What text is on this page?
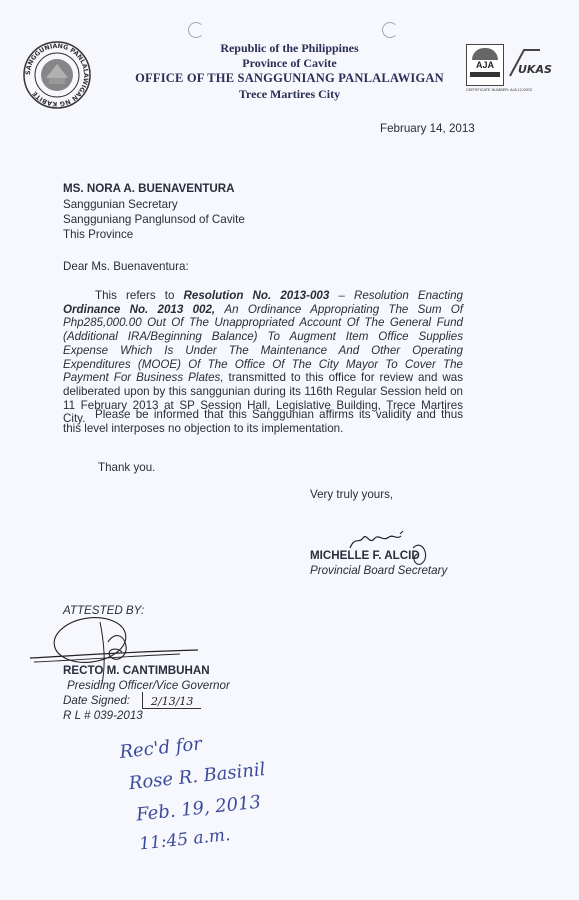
SANGGUNIANG PANLALAWIGAN NG KABITE
Republic of the Philippines
Province of Cavite
OFFICE OF THE SANGGUNIANG PANLALAWIGAN
Trece Martires City
AJA	UKAS
CERTIFICATE NUMBER: AJA 12-0003
February 14, 2013
MS. NORA A. BUENAVENTURA
Sanggunian Secretary
Sangguniang Panglunsod of Cavite
This Province
Dear Ms. Buenaventura:
This refers to Resolution No. 2013-003 – Resolution Enacting Ordinance No. 2013 002, An Ordinance Appropriating The Sum Of Php285,000.00 Out Of The Unappropriated Account Of The General Fund (Additional IRA/Beginning Balance) To Augment Item Office Supplies Expense Which Is Under The Maintenance And Other Operating Expenditures (MOOE) Of The Office Of The City Mayor To Cover The Payment For Business Plates, transmitted to this office for review and was deliberated upon by this sanggunian during its 116th Regular Session held on 11 February 2013 at SP Session Hall, Legislative Building, Trece Martires City. Please be informed that this Sanggunian affirms its validity and thus this level interposes no objection to its implementation.
Thank you.
Very truly yours,
MICHELLE F. ALCID
Provincial Board Secretary
ATTESTED BY:
RECTO M. CANTIMBUHAN
Presiding Officer/Vice Governor
Date Signed:	2/13/13
R L # 039-2013
Rec'd for
Rose R. Basinil
Feb. 19, 2013
11:45 a.m.
